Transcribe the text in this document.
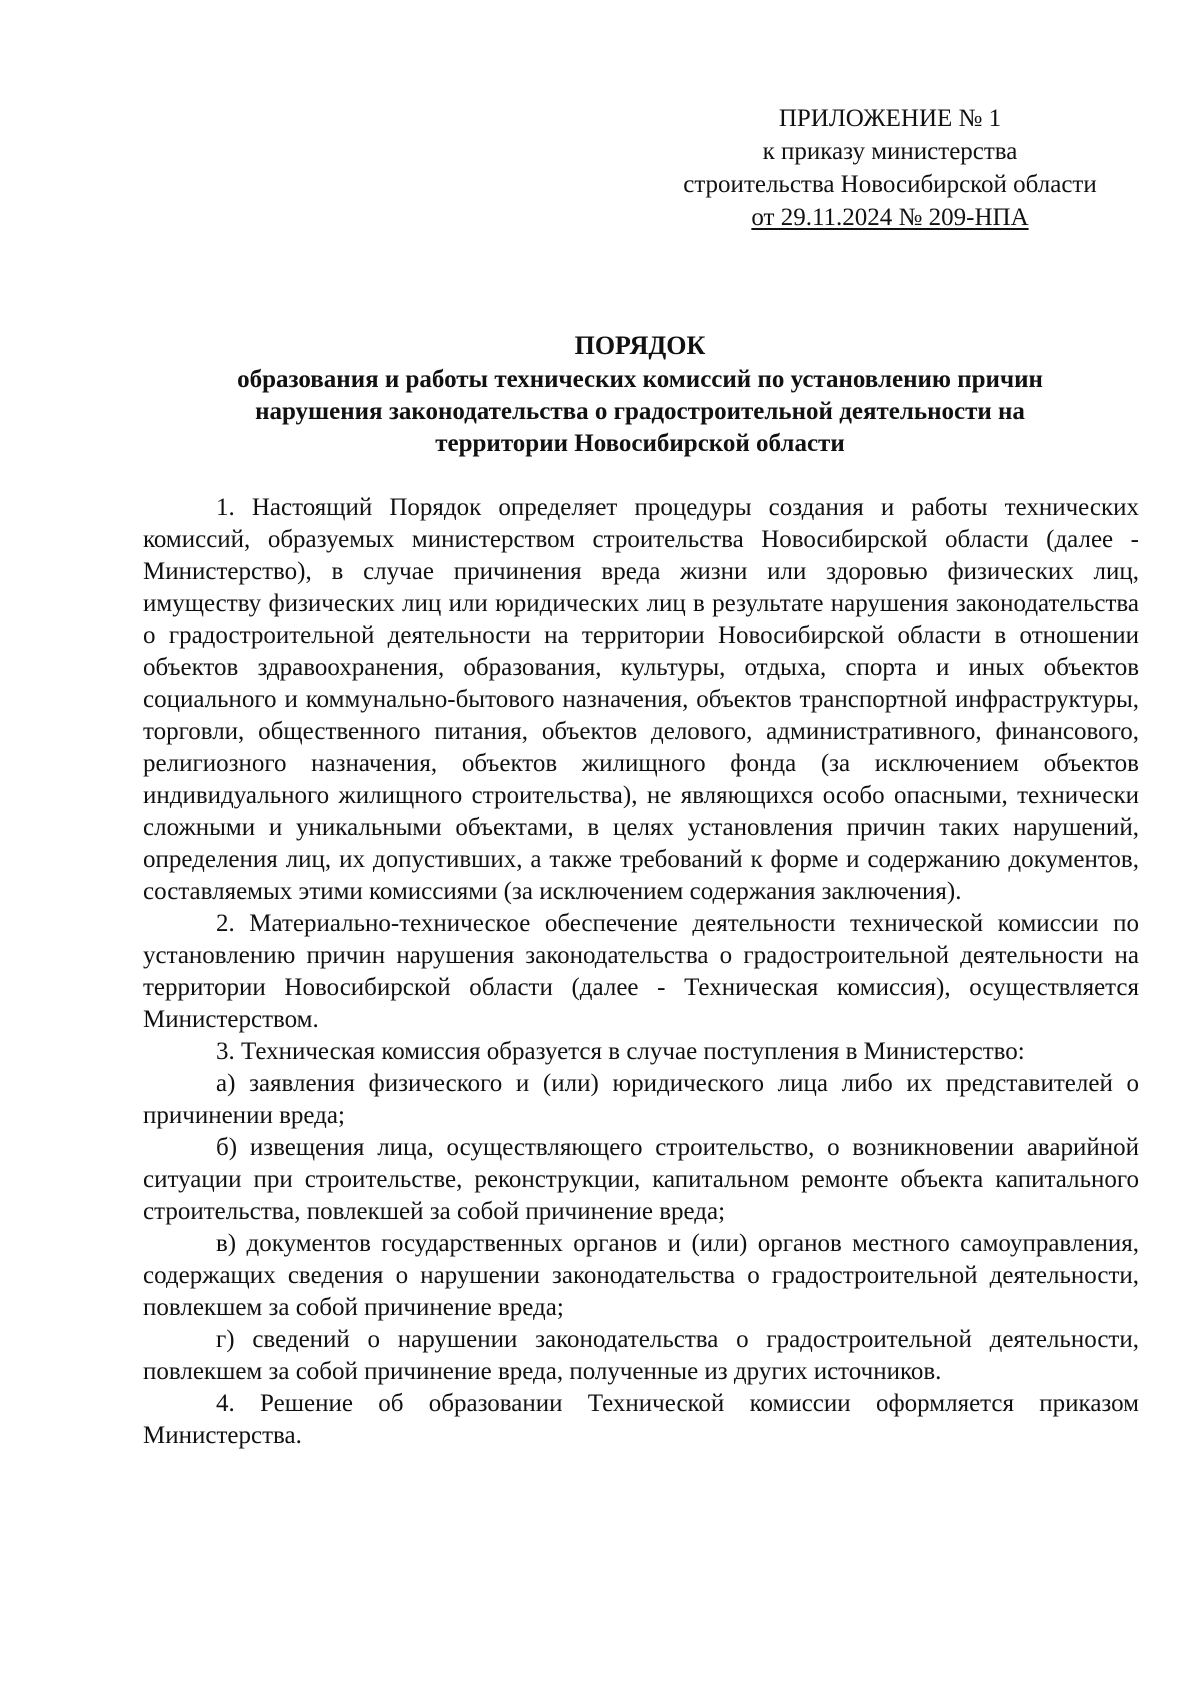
ПРИЛОЖЕНИЕ № 1
к приказу министерства
строительства Новосибирской области
от 29.11.2024 № 209-НПА
ПОРЯДОК
образования и работы технических комиссий по установлению причин
нарушения законодательства о градостроительной деятельности на
территории Новосибирской области

1. Настоящий Порядок определяет процедуры создания и работы технических комиссий, образуемых министерством строительства Новосибирской области (далее - Министерство), в случае причинения вреда жизни или здоровью физических лиц, имуществу физических лиц или юридических лиц в результате нарушения законодательства о градостроительной деятельности на территории Новосибирской области в отношении объектов здравоохранения, образования, культуры, отдыха, спорта и иных объектов социального и коммунально-бытового назначения, объектов транспортной инфраструктуры, торговли, общественного питания, объектов делового, административного, финансового, религиозного назначения, объектов жилищного фонда (за исключением объектов индивидуального жилищного строительства), не являющихся особо опасными, технически сложными и уникальными объектами, в целях установления причин таких нарушений, определения лиц, их допустивших, а также требований к форме и содержанию документов, составляемых этими комиссиями (за исключением содержания заключения).

2. Материально-техническое обеспечение деятельности технической комиссии по установлению причин нарушения законодательства о градостроительной деятельности на территории Новосибирской области (далее - Техническая комиссия), осуществляется Министерством.

3. Техническая комиссия образуется в случае поступления в Министерство:

а) заявления физического и (или) юридического лица либо их представителей о причинении вреда;

б) извещения лица, осуществляющего строительство, о возникновении аварийной ситуации при строительстве, реконструкции, капитальном ремонте объекта капитального строительства, повлекшей за собой причинение вреда;

в) документов государственных органов и (или) органов местного самоуправления, содержащих сведения о нарушении законодательства о градостроительной деятельности, повлекшем за собой причинение вреда;

г) сведений о нарушении законодательства о градостроительной деятельности, повлекшем за собой причинение вреда, полученные из других источников.

4. Решение об образовании Технической комиссии оформляется приказом Министерства.
